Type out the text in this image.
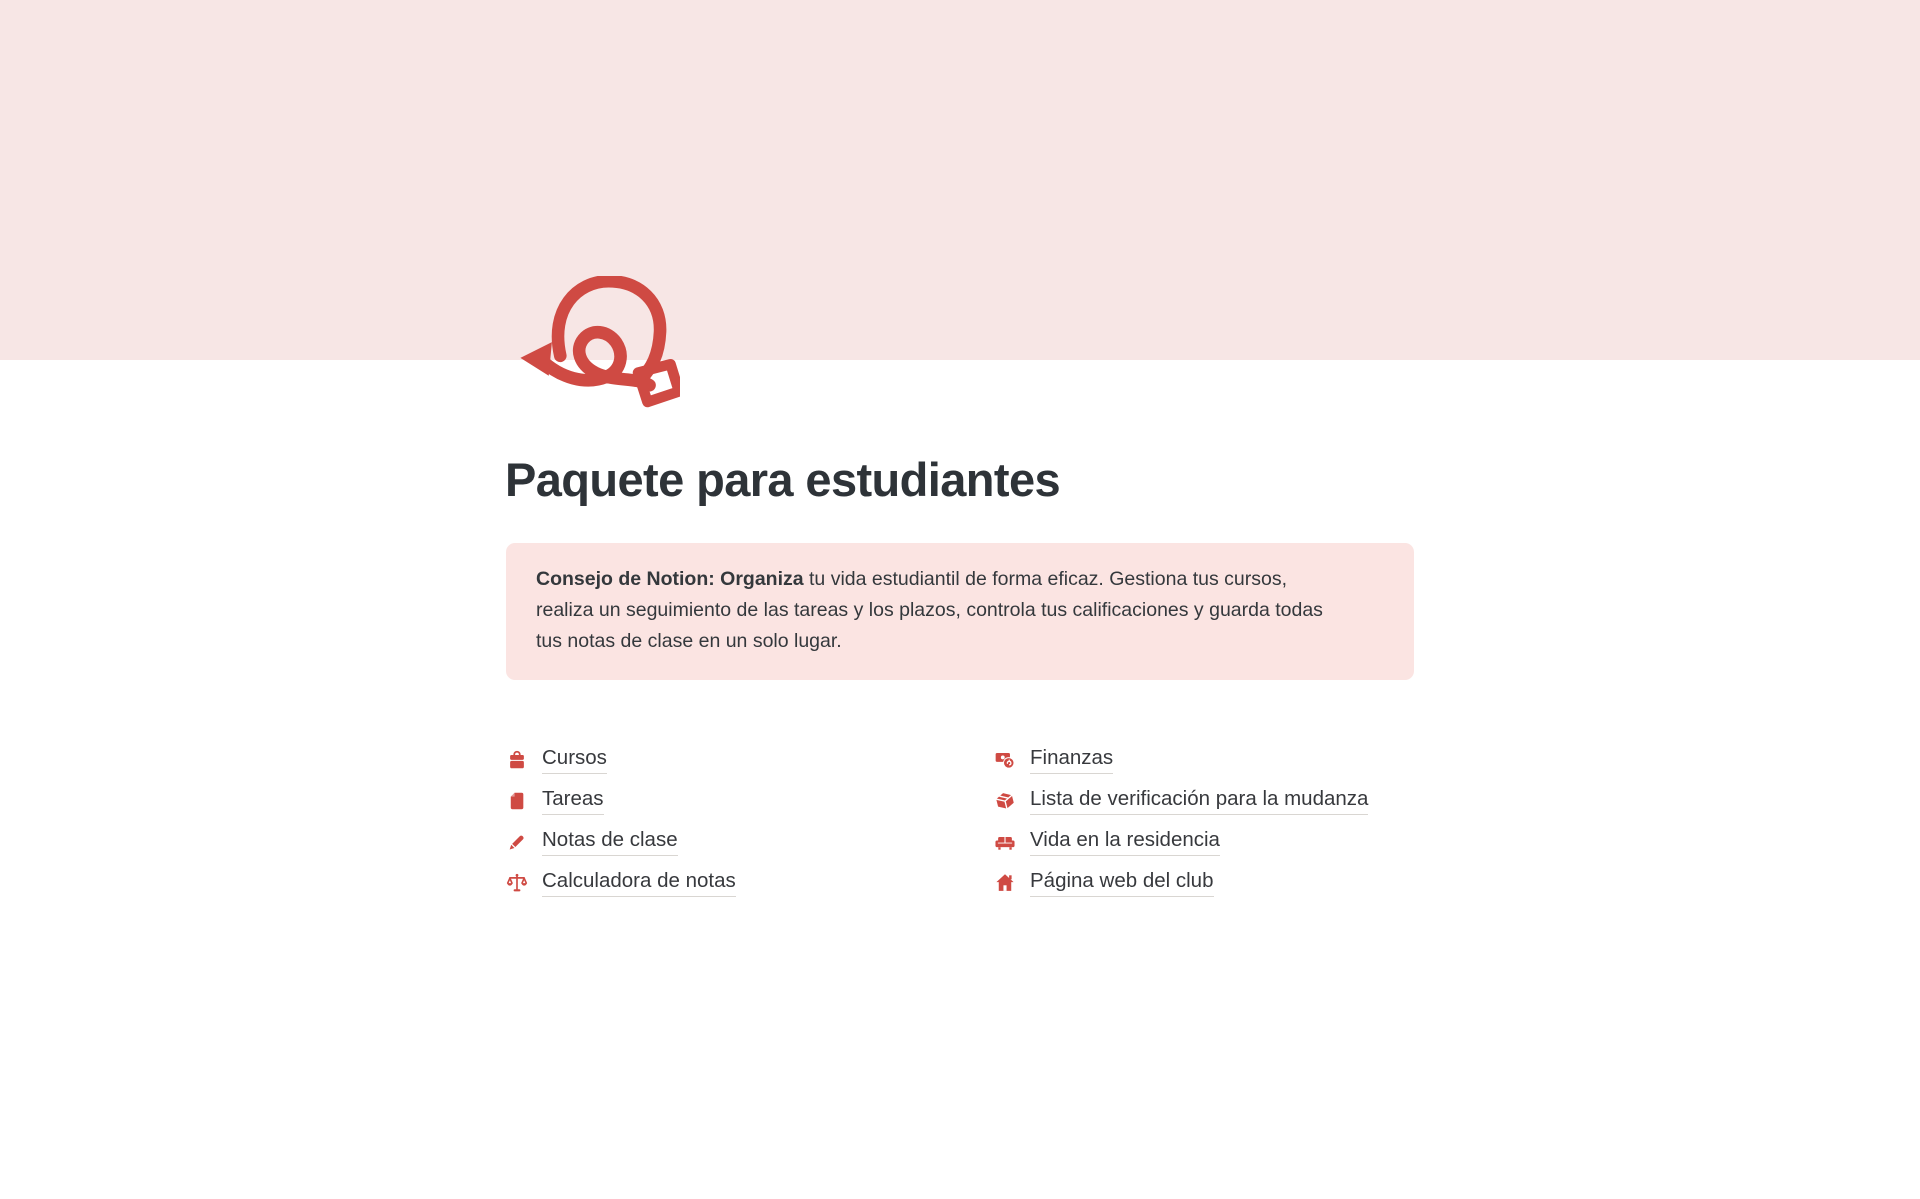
Paquete para estudiantes
Consejo de Notion: Organiza tu vida estudiantil de forma eficaz. Gestiona tus cursos,
realiza un seguimiento de las tareas y los plazos, controla tus calificaciones y guarda todas
tus notas de clase en un solo lugar.
Cursos
Tareas
Notas de clase
Calculadora de notas
Finanzas
Lista de verificación para la mudanza
Vida en la residencia
Página web del club
